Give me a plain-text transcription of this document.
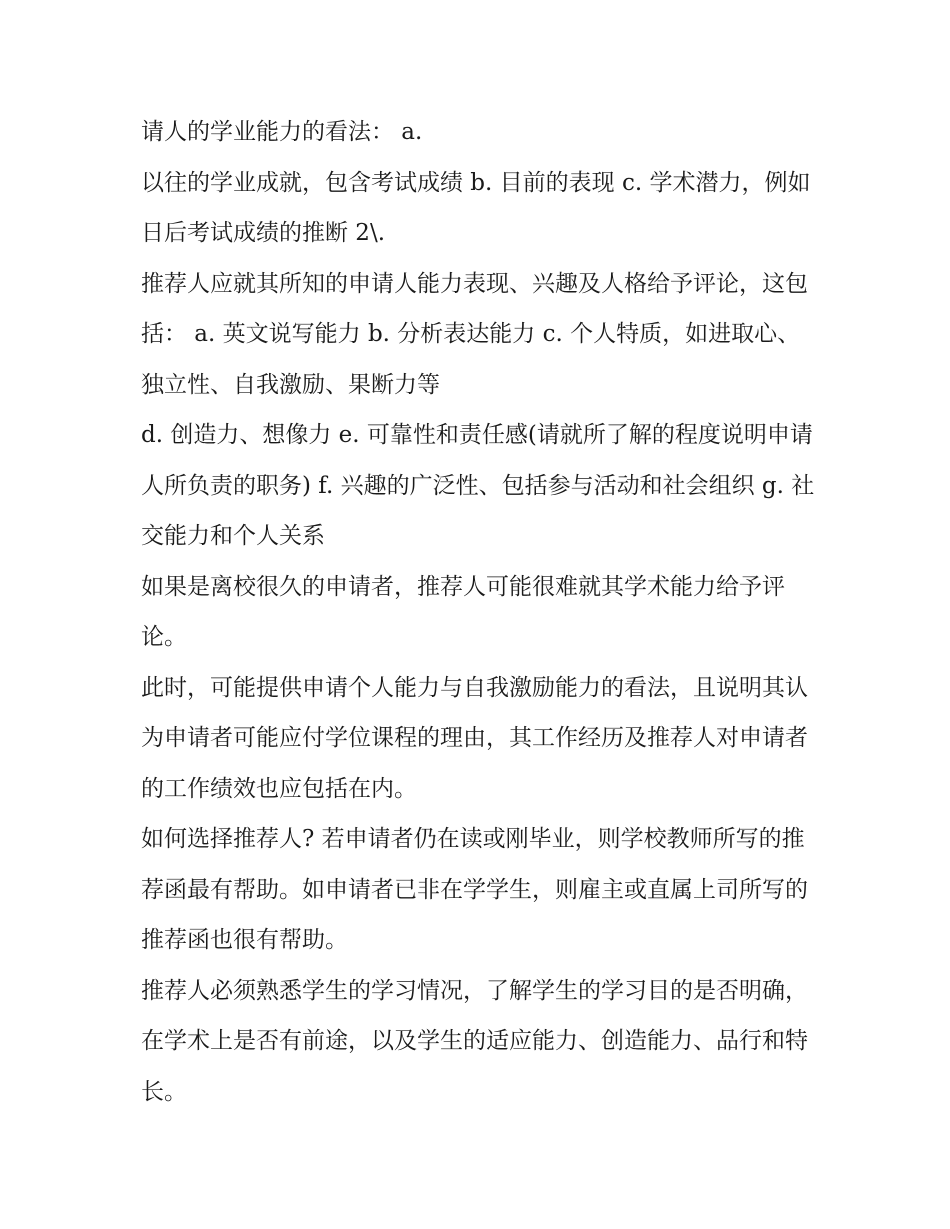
请人的学业能力的看法： a.

以往的学业成就，包含考试成绩 b. 目前的表现 c. 学术潜力，例如日后考试成绩的推断 2\.

推荐人应就其所知的申请人能力表现、兴趣及人格给予评论，这包括： a. 英文说写能力 b. 分析表达能力 c. 个人特质，如进取心、独立性、自我激励、果断力等

d. 创造力、想像力 e. 可靠性和责任感(请就所了解的程度说明申请人所负责的职务) f. 兴趣的广泛性、包括参与活动和社会组织 g. 社交能力和个人关系

如果是离校很久的申请者，推荐人可能很难就其学术能力给予评论。

此时，可能提供申请个人能力与自我激励能力的看法，且说明其认为申请者可能应付学位课程的理由，其工作经历及推荐人对申请者的工作绩效也应包括在内。

如何选择推荐人? 若申请者仍在读或刚毕业，则学校教师所写的推荐函最有帮助。如申请者已非在学学生，则雇主或直属上司所写的推荐函也很有帮助。

推荐人必须熟悉学生的学习情况，了解学生的学习目的是否明确，在学术上是否有前途，以及学生的适应能力、创造能力、品行和特长。
